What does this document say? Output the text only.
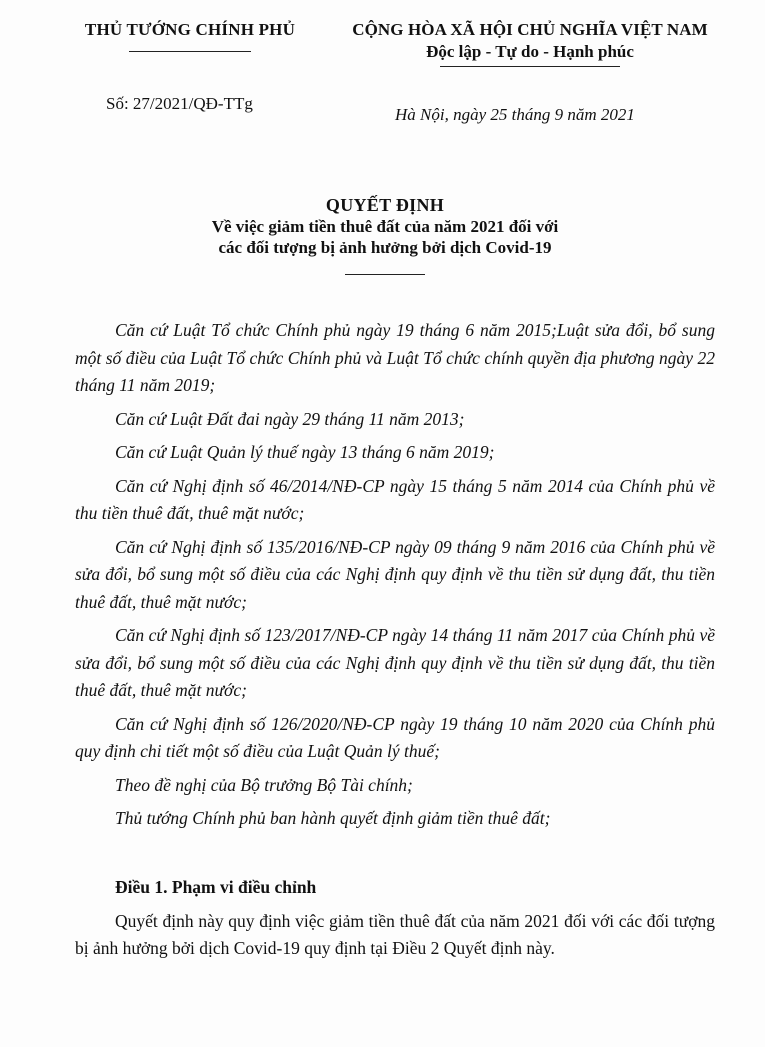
THỦ TƯỚNG CHÍNH PHỦ	CỘNG HÒA XÃ HỘI CHỦ NGHĨA VIỆT NAM
Độc lập - Tự do - Hạnh phúc
Số: 27/2021/QĐ-TTg
Hà Nội, ngày 25 tháng 9 năm 2021
QUYẾT ĐỊNH
Về việc giảm tiền thuê đất của năm 2021 đối với
các đối tượng bị ảnh hưởng bởi dịch Covid-19

Căn cứ Luật Tổ chức Chính phủ ngày 19 tháng 6 năm 2015;Luật sửa đổi, bổ sung một số điều của Luật Tổ chức Chính phủ và Luật Tổ chức chính quyền địa phương ngày 22 tháng 11 năm 2019;

Căn cứ Luật Đất đai ngày 29 tháng 11 năm 2013;

Căn cứ Luật Quản lý thuế ngày 13 tháng 6 năm 2019;

Căn cứ Nghị định số 46/2014/NĐ-CP ngày 15 tháng 5 năm 2014 của Chính phủ về thu tiền thuê đất, thuê mặt nước;

Căn cứ Nghị định số 135/2016/NĐ-CP ngày 09 tháng 9 năm 2016 của Chính phủ về sửa đổi, bổ sung một số điều của các Nghị định quy định về thu tiền sử dụng đất, thu tiền thuê đất, thuê mặt nước;

Căn cứ Nghị định số 123/2017/NĐ-CP ngày 14 tháng 11 năm 2017 của Chính phủ về sửa đổi, bổ sung một số điều của các Nghị định quy định về thu tiền sử dụng đất, thu tiền thuê đất, thuê mặt nước;

Căn cứ Nghị định số 126/2020/NĐ-CP ngày 19 tháng 10 năm 2020 của Chính phủ quy định chi tiết một số điều của Luật Quản lý thuế;

Theo đề nghị của Bộ trưởng Bộ Tài chính;

Thủ tướng Chính phủ ban hành quyết định giảm tiền thuê đất;

Điều 1. Phạm vi điều chỉnh

Quyết định này quy định việc giảm tiền thuê đất của năm 2021 đối với các đối tượng bị ảnh hưởng bởi dịch Covid-19 quy định tại Điều 2 Quyết định này.
